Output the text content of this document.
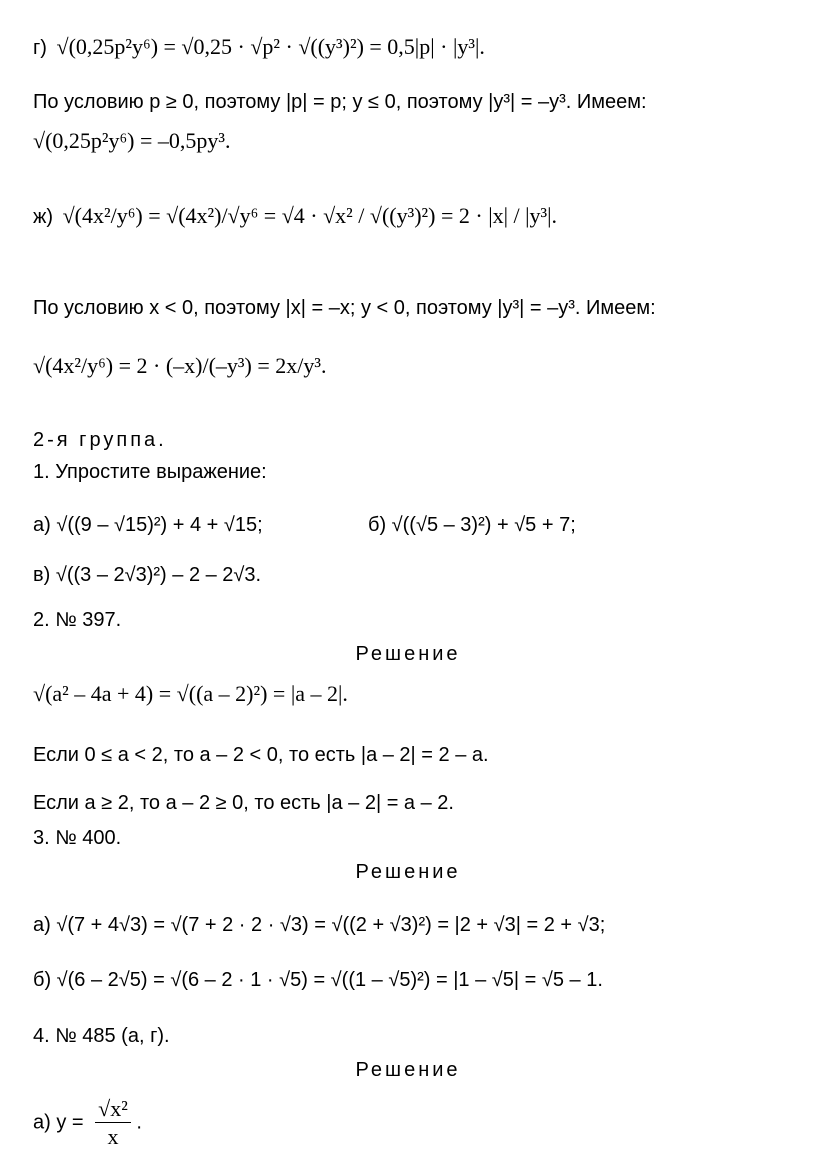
г) √(0,25p²y⁶) = √0,25 · √p² · √((y³)²) = 0,5|p| · |y³|.
По условию p ≥ 0, поэтому |p| = p; y ≤ 0, поэтому |y³| = –y³. Имеем:
√(0,25p²y⁶) = –0,5py³.
ж) √(4x²/y⁶) = √(4x²)/√y⁶ = √4 · √x² / √((y³)²) = 2 · |x| / |y³|.
По условию x < 0, поэтому |x| = –x; y < 0, поэтому |y³| = –y³. Имеем:
√(4x²/y⁶) = 2 · (–x)/(–y³) = 2x/y³.
2-я группа.
1. Упростите выражение:
а) √((9 – √15)²) + 4 + √15;	б) √((√5 – 3)²) + √5 + 7;
в) √((3 – 2√3)²) – 2 – 2√3.
2. № 397.
Решение
√(a² – 4a + 4) = √((a – 2)²) = |a – 2|.
Если 0 ≤ a < 2, то a – 2 < 0, то есть |a – 2| = 2 – a.
Если a ≥ 2, то a – 2 ≥ 0, то есть |a – 2| = a – 2.
3. № 400.
Решение
а) √(7 + 4√3) = √(7 + 2 · 2 · √3) = √((2 + √3)²) = |2 + √3| = 2 + √3;
б) √(6 – 2√5) = √(6 – 2 · 1 · √5) = √((1 – √5)²) = |1 – √5| = √5 – 1.
4. № 485 (а, г).
Решение
а) $y = \frac{\text{√x²}}{x}$ .
